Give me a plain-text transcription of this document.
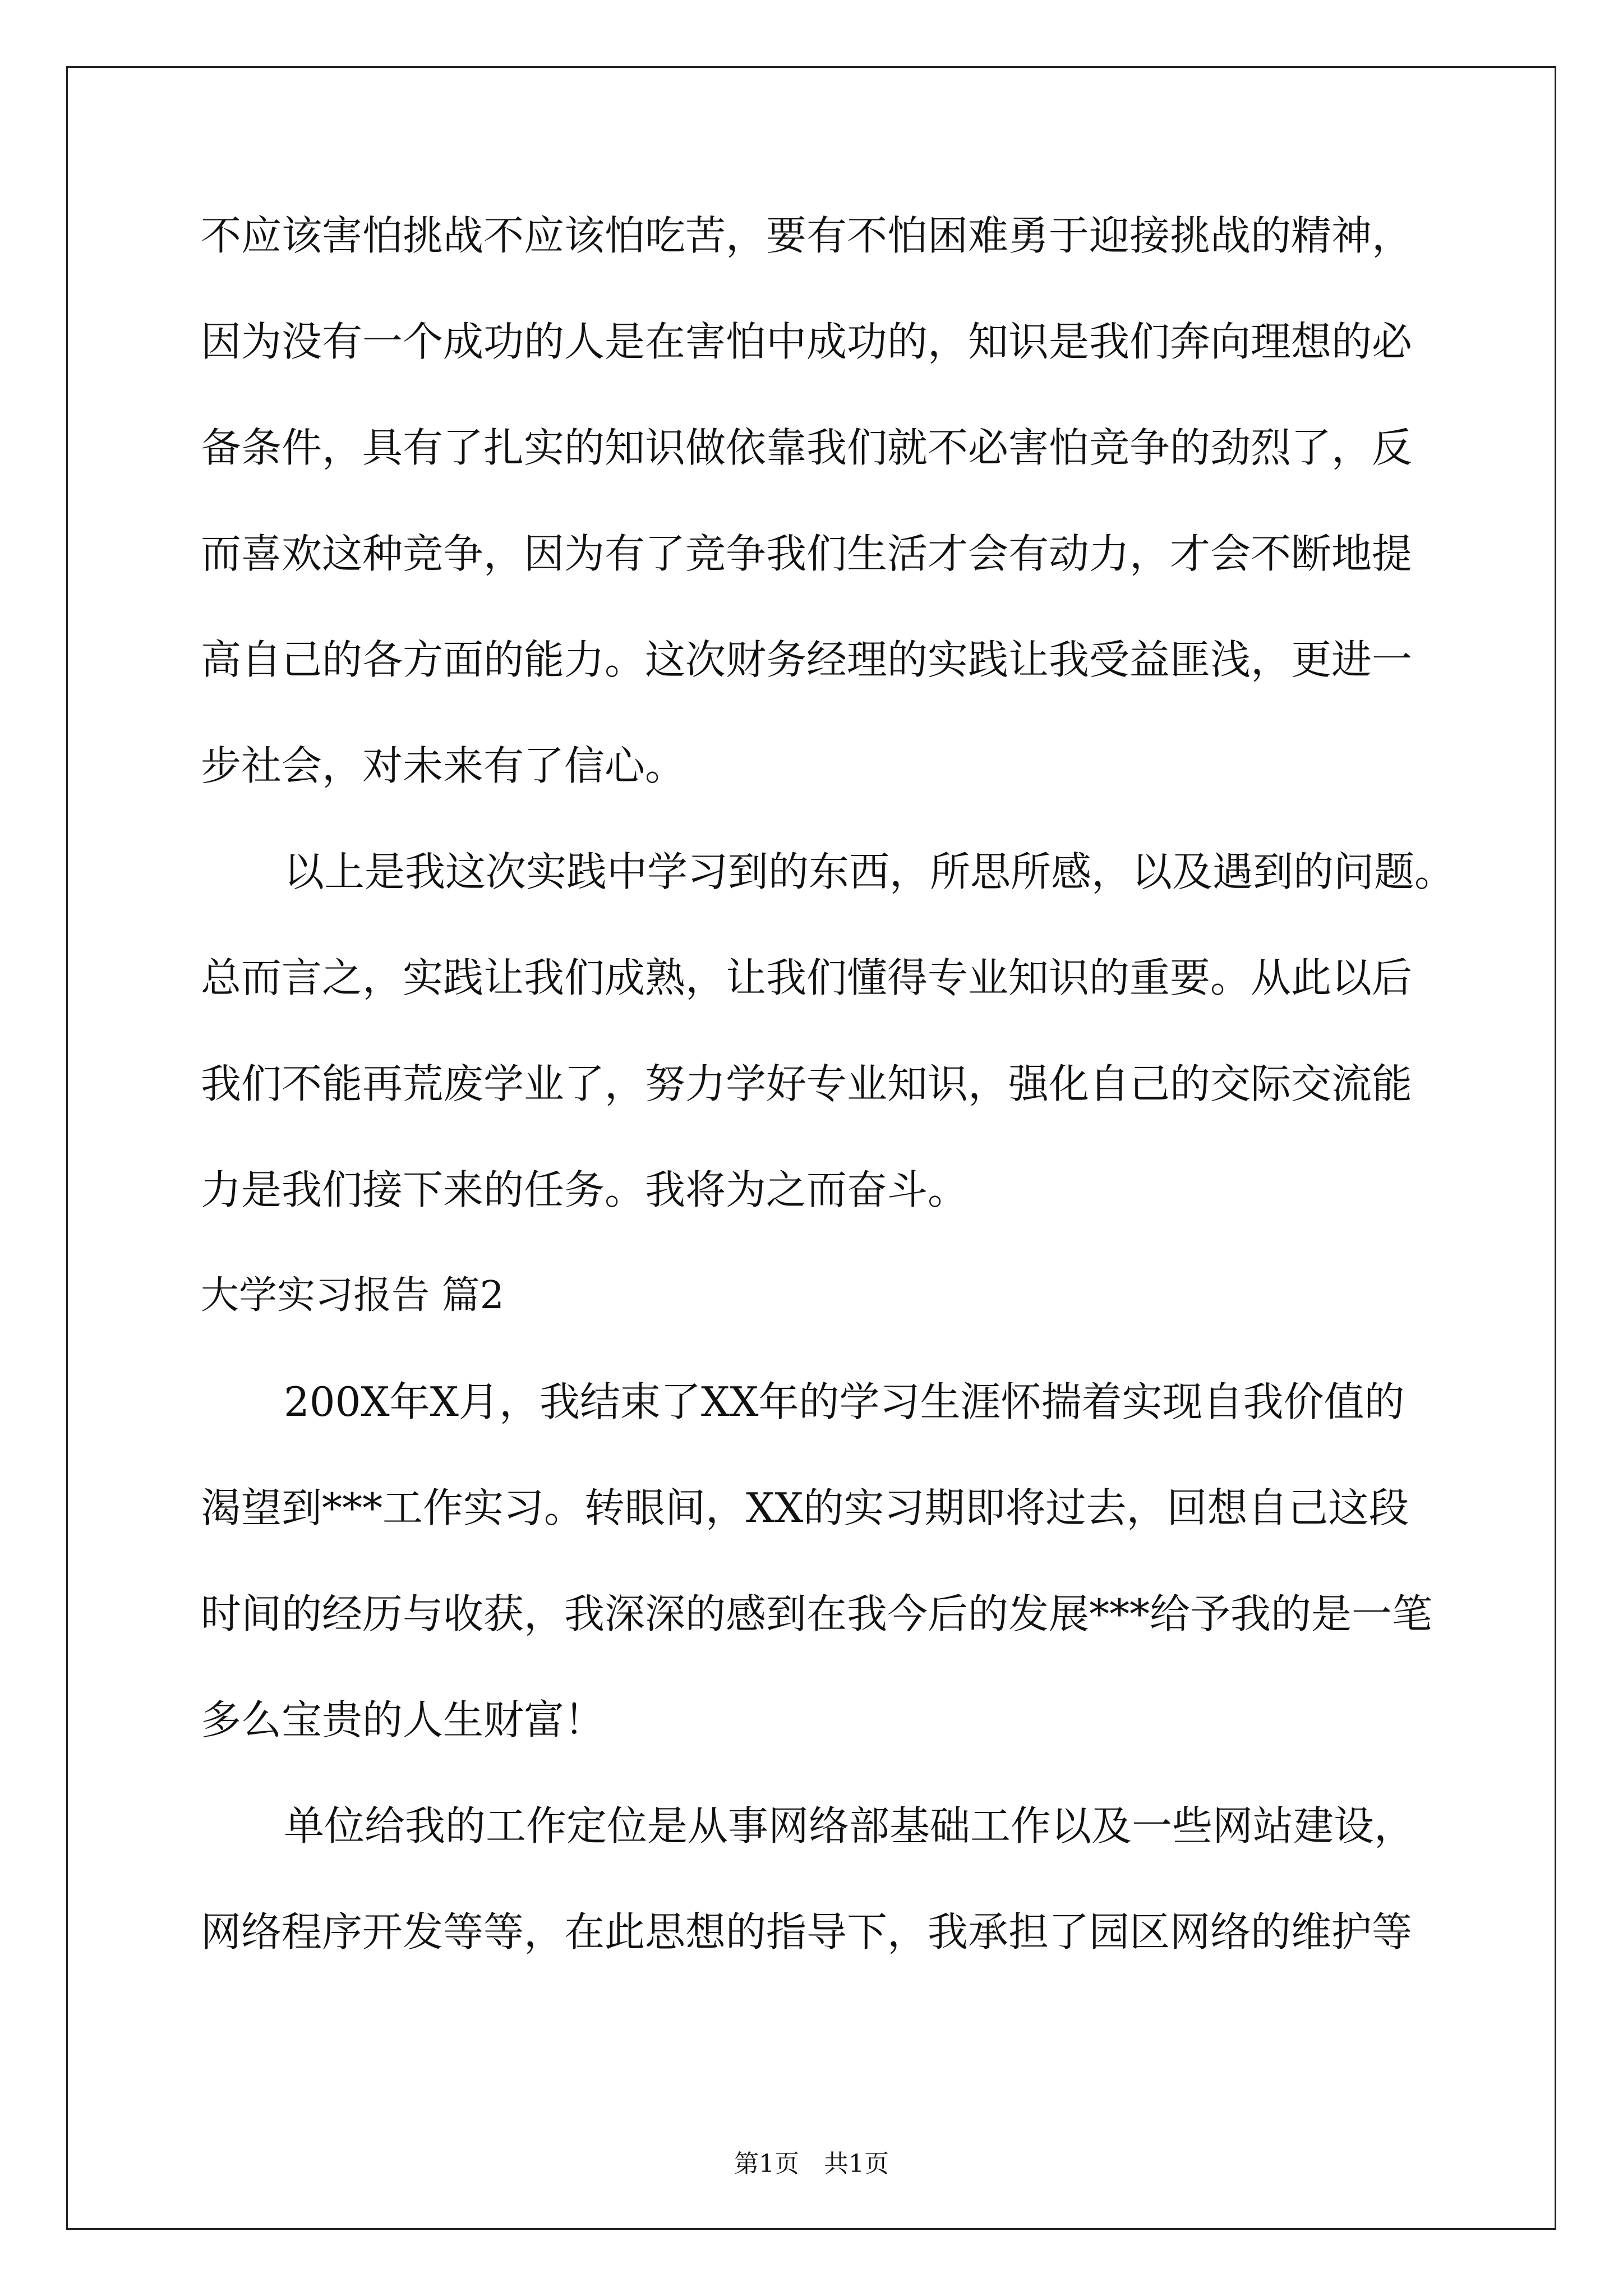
不应该害怕挑战不应该怕吃苦，要有不怕困难勇于迎接挑战的精神，
因为没有一个成功的人是在害怕中成功的，知识是我们奔向理想的必
备条件，具有了扎实的知识做依靠我们就不必害怕竞争的劲烈了，反
而喜欢这种竞争，因为有了竞争我们生活才会有动力，才会不断地提
高自己的各方面的能力。这次财务经理的实践让我受益匪浅，更进一
步社会，对未来有了信心。
以上是我这次实践中学习到的东西，所思所感，以及遇到的问题。
总而言之，实践让我们成熟，让我们懂得专业知识的重要。从此以后
我们不能再荒废学业了，努力学好专业知识，强化自己的交际交流能
力是我们接下来的任务。我将为之而奋斗。
大学实习报告 篇2
200X年X月，我结束了XX年的学习生涯怀揣着实现自我价值的
渴望到***工作实习。转眼间，XX的实习期即将过去，回想自己这段
时间的经历与收获，我深深的感到在我今后的发展***给予我的是一笔
多么宝贵的人生财富！
单位给我的工作定位是从事网络部基础工作以及一些网站建设，
网络程序开发等等，在此思想的指导下，我承担了园区网络的维护等
第1页　共1页
